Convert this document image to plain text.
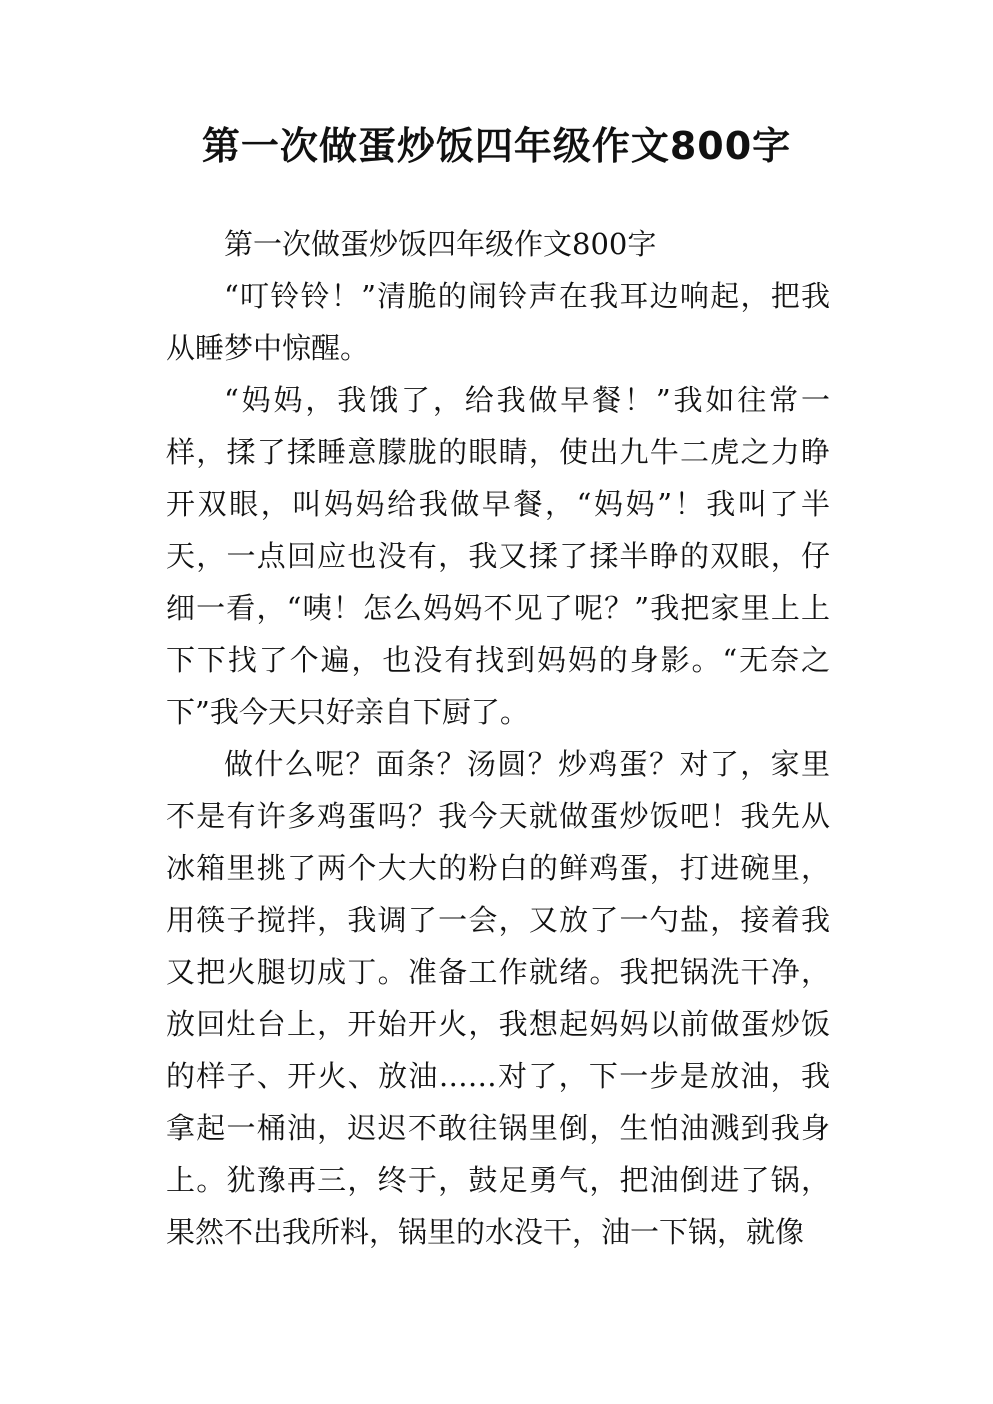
第一次做蛋炒饭四年级作文800字

第一次做蛋炒饭四年级作文800字

“叮铃铃！”清脆的闹铃声在我耳边响起，把我从睡梦中惊醒。

“妈妈，我饿了，给我做早餐！”我如往常一样，揉了揉睡意朦胧的眼睛，使出九牛二虎之力睁开双眼，叫妈妈给我做早餐，“妈妈”！我叫了半天，一点回应也没有，我又揉了揉半睁的双眼，仔细一看，“咦！怎么妈妈不见了呢？”我把家里上上下下找了个遍，也没有找到妈妈的身影。“无奈之下”我今天只好亲自下厨了。

做什么呢？面条？汤圆？炒鸡蛋？对了，家里不是有许多鸡蛋吗？我今天就做蛋炒饭吧！我先从冰箱里挑了两个大大的粉白的鲜鸡蛋，打进碗里，用筷子搅拌，我调了一会，又放了一勺盐，接着我又把火腿切成丁。准备工作就绪。我把锅洗干净，放回灶台上，开始开火，我想起妈妈以前做蛋炒饭的样子、开火、放油……对了，下一步是放油，我拿起一桶油，迟迟不敢往锅里倒，生怕油溅到我身上。犹豫再三，终于，鼓足勇气，把油倒进了锅，果然不出我所料，锅里的水没干，油一下锅，就像
